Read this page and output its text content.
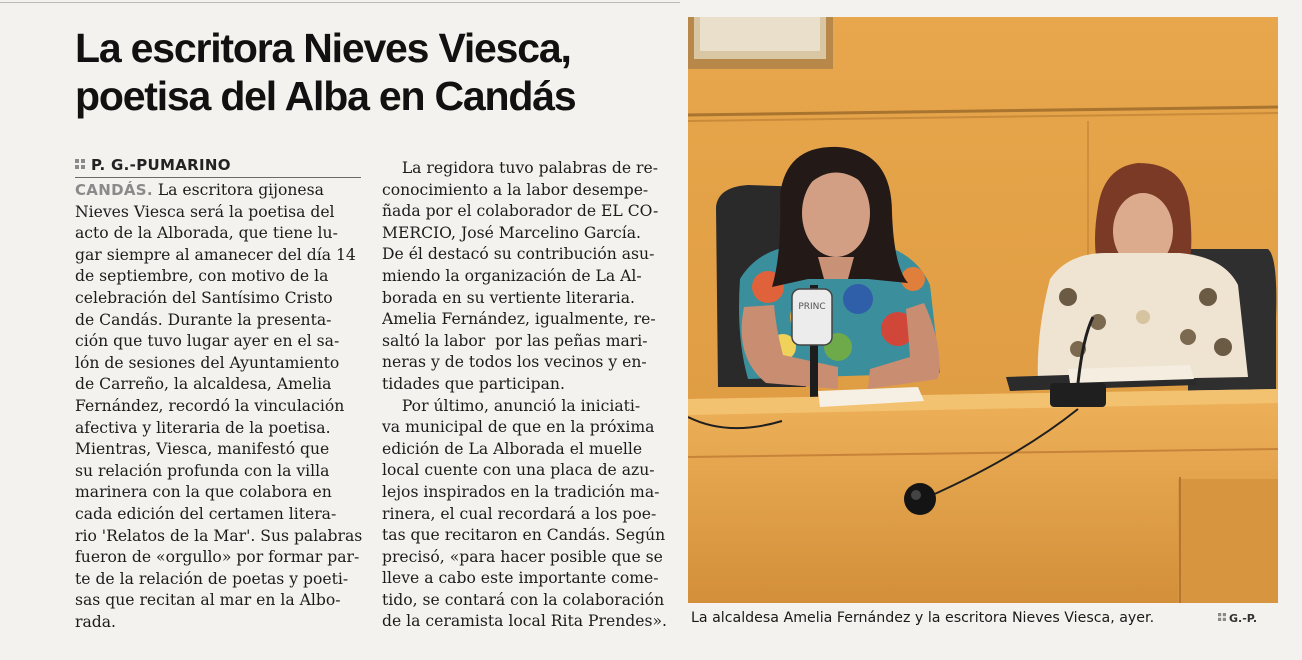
La escritora Nieves Viesca,
poetisa del Alba en Candás
P. G.-PUMARINO
CANDÁS. La escritora gijonesa
Nieves Viesca será la poetisa del
acto de la Alborada, que tiene lu-
gar siempre al amanecer del día 14
de septiembre, con motivo de la
celebración del Santísimo Cristo
de Candás. Durante la presenta-
ción que tuvo lugar ayer en el sa-
lón de sesiones del Ayuntamiento
de Carreño, la alcaldesa, Amelia
Fernández, recordó la vinculación
afectiva y literaria de la poetisa.
Mientras, Viesca, manifestó que
su relación profunda con la villa
marinera con la que colabora en
cada edición del certamen litera-
rio 'Relatos de la Mar'. Sus palabras
fueron de «orgullo» por formar par-
te de la relación de poetas y poeti-
sas que recitan al mar en la Albo-
rada.
La regidora tuvo palabras de re-
conocimiento a la labor desempe-
ñada por el colaborador de EL CO-
MERCIO, José Marcelino García.
De él destacó su contribución asu-
miendo la organización de La Al-
borada en su vertiente literaria.
Amelia Fernández, igualmente, re-
saltó la labor  por las peñas mari-
neras y de todos los vecinos y en-
tidades que participan.
Por último, anunció la iniciati-
va municipal de que en la próxima
edición de La Alborada el muelle
local cuente con una placa de azu-
lejos inspirados en la tradición ma-
rinera, el cual recordará a los poe-
tas que recitaron en Candás. Según
precisó, «para hacer posible que se
lleve a cabo este importante come-
tido, se contará con la colaboración
de la ceramista local Rita Prendes».
PRINC
La alcaldesa Amelia Fernández y la escritora Nieves Viesca, ayer.	G.-P.
